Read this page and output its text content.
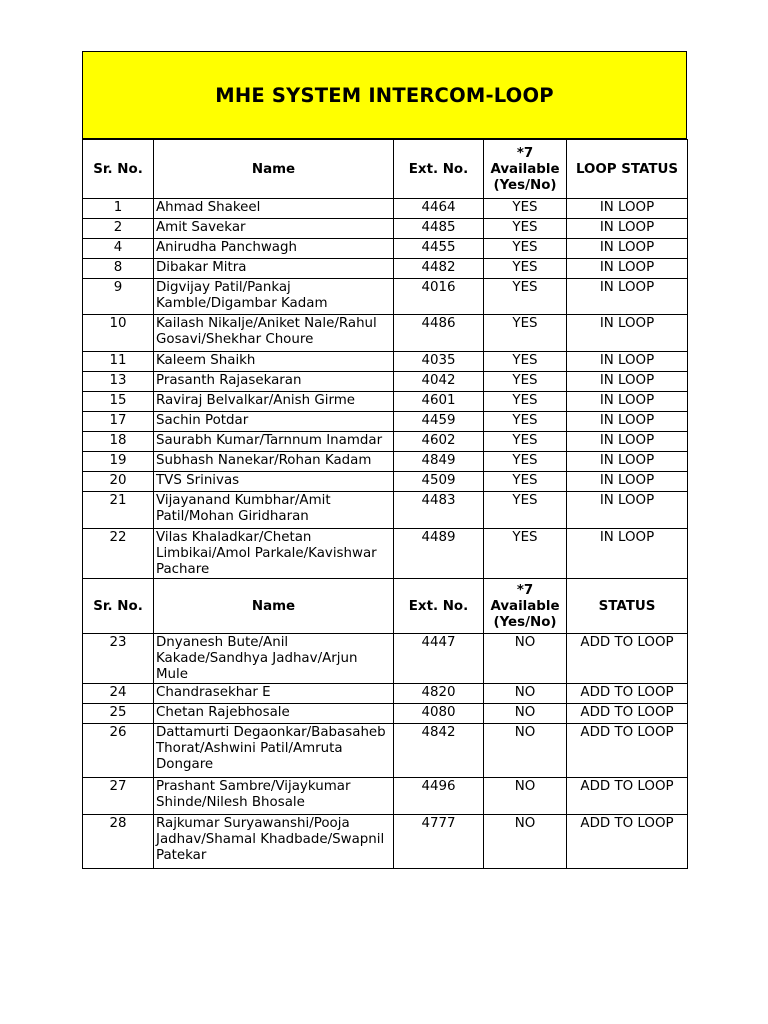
MHE SYSTEM INTERCOM-LOOP
Sr. No.	Name	Ext. No.	*7 Available (Yes/No)	LOOP STATUS
1	Ahmad Shakeel	4464	YES	IN LOOP
2	Amit Savekar	4485	YES	IN LOOP
4	Anirudha Panchwagh	4455	YES	IN LOOP
8	Dibakar Mitra	4482	YES	IN LOOP
9	Digvijay Patil/Pankaj Kamble/Digambar Kadam	4016	YES	IN LOOP
10	Kailash Nikalje/Aniket Nale/Rahul Gosavi/Shekhar Choure	4486	YES	IN LOOP
11	Kaleem Shaikh	4035	YES	IN LOOP
13	Prasanth Rajasekaran	4042	YES	IN LOOP
15	Raviraj Belvalkar/Anish Girme	4601	YES	IN LOOP
17	Sachin Potdar	4459	YES	IN LOOP
18	Saurabh Kumar/Tarnnum Inamdar	4602	YES	IN LOOP
19	Subhash Nanekar/Rohan Kadam	4849	YES	IN LOOP
20	TVS Srinivas	4509	YES	IN LOOP
21	Vijayanand Kumbhar/Amit Patil/Mohan Giridharan	4483	YES	IN LOOP
22	Vilas Khaladkar/Chetan Limbikai/Amol Parkale/Kavishwar Pachare	4489	YES	IN LOOP
Sr. No.	Name	Ext. No.	*7 Available (Yes/No)	STATUS
23	Dnyanesh Bute/Anil Kakade/Sandhya Jadhav/Arjun Mule	4447	NO	ADD TO LOOP
24	Chandrasekhar E	4820	NO	ADD TO LOOP
25	Chetan Rajebhosale	4080	NO	ADD TO LOOP
26	Dattamurti Degaonkar/Babasaheb Thorat/Ashwini Patil/Amruta Dongare	4842	NO	ADD TO LOOP
27	Prashant Sambre/Vijaykumar Shinde/Nilesh Bhosale	4496	NO	ADD TO LOOP
28	Rajkumar Suryawanshi/Pooja Jadhav/Shamal Khadbade/Swapnil Patekar	4777	NO	ADD TO LOOP
